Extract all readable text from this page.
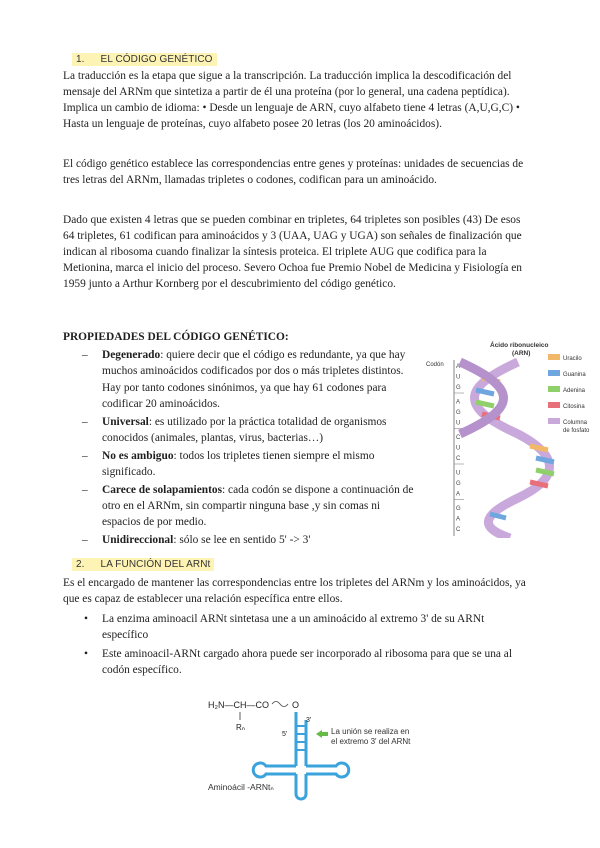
1. EL CÓDIGO GENÉTICO

La traducción es la etapa que sigue a la transcripción. La traducción implica la descodificación del mensaje del ARNm que sintetiza a partir de él una proteína (por lo general, una cadena peptídica). Implica un cambio de idioma: • Desde un lenguaje de ARN, cuyo alfabeto tiene 4 letras (A,U,G,C) • Hasta un lenguaje de proteínas, cuyo alfabeto posee 20 letras (los 20 aminoácidos).

El código genético establece las correspondencias entre genes y proteínas: unidades de secuencias de tres letras del ARNm, llamadas tripletes o codones, codifican para un aminoácido.

Dado que existen 4 letras que se pueden combinar en tripletes, 64 tripletes son posibles (43) De esos 64 tripletes, 61 codifican para aminoácidos y 3 (UAA, UAG y UGA) son señales de finalización que indican al ribosoma cuando finalizar la síntesis proteica. El triplete AUG que codifica para la Metionina, marca el inicio del proceso. Severo Ochoa fue Premio Nobel de Medicina y Fisiología en 1959 junto a Arthur Kornberg por el descubrimiento del código genético.

PROPIEDADES DEL CÓDIGO GENÉTICO:

– Degenerado: quiere decir que el código es redundante, ya que hay muchos aminoácidos codificados por dos o más tripletes distintos. Hay por tanto codones sinónimos, ya que hay 61 codones para codificar 20 aminoácidos.
– Universal: es utilizado por la práctica totalidad de organismos conocidos (animales, plantas, virus, bacterias…)
– No es ambiguo: todos los tripletes tienen siempre el mismo significado.
– Carece de solapamientos: cada codón se dispone a continuación de otro en el ARNm, sin compartir ninguna base ,y sin comas ni espacios de por medio.
– Unidireccional: sólo se lee en sentido 5' -> 3'
Ácido ribonucleico
(ARN)
Codón A
U
G
A
G
U
C
U
C
U
G
A
G
A
C
Uracilo
Guanina
Adenina
Citosina
Columna de fosfato
2. LA FUNCIÓN DEL ARNt

Es el encargado de mantener las correspondencias entre los tripletes del ARNm y los aminoácidos, ya que es capaz de establecer una relación específica entre ellos.

• La enzima aminoacil ARNt sintetasa une a un aminoácido al extremo 3' de su ARNt específico
• Este aminoacil-ARNt cargado ahora puede ser incorporado al ribosoma para que se una al codón específico.
H₂N—CH—CO	O
Rₙ
3'
5'	La unión se realiza en
el extremo 3' del ARNt
Aminoácil -ARNtₙ
